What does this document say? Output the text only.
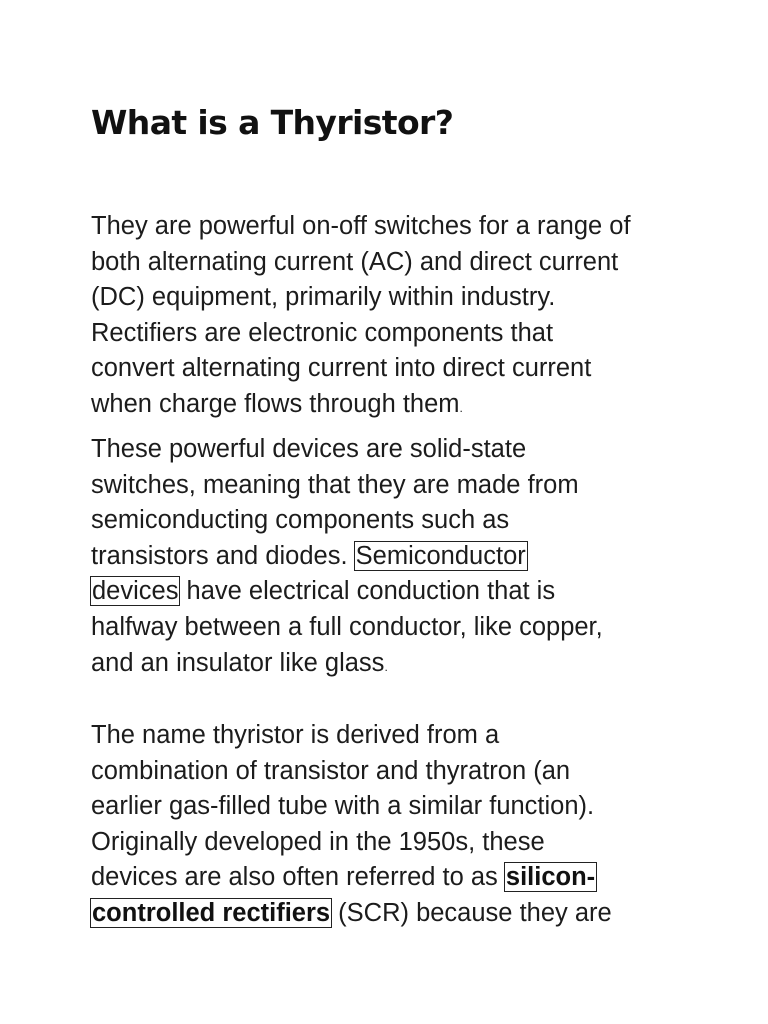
What is a Thyristor?
They are powerful on-off switches for a range of
both alternating current (AC) and direct current
(DC) equipment, primarily within industry.
Rectifiers are electronic components that
convert alternating current into direct current
when charge flows through them.
These powerful devices are solid-state
switches, meaning that they are made from
semiconducting components such as
transistors and diodes. Semiconductor
devices have electrical conduction that is
halfway between a full conductor, like copper,
and an insulator like glass.
The name thyristor is derived from a
combination of transistor and thyratron (an
earlier gas-filled tube with a similar function).
Originally developed in the 1950s, these
devices are also often referred to as silicon-
controlled rectifiers (SCR) because they are
